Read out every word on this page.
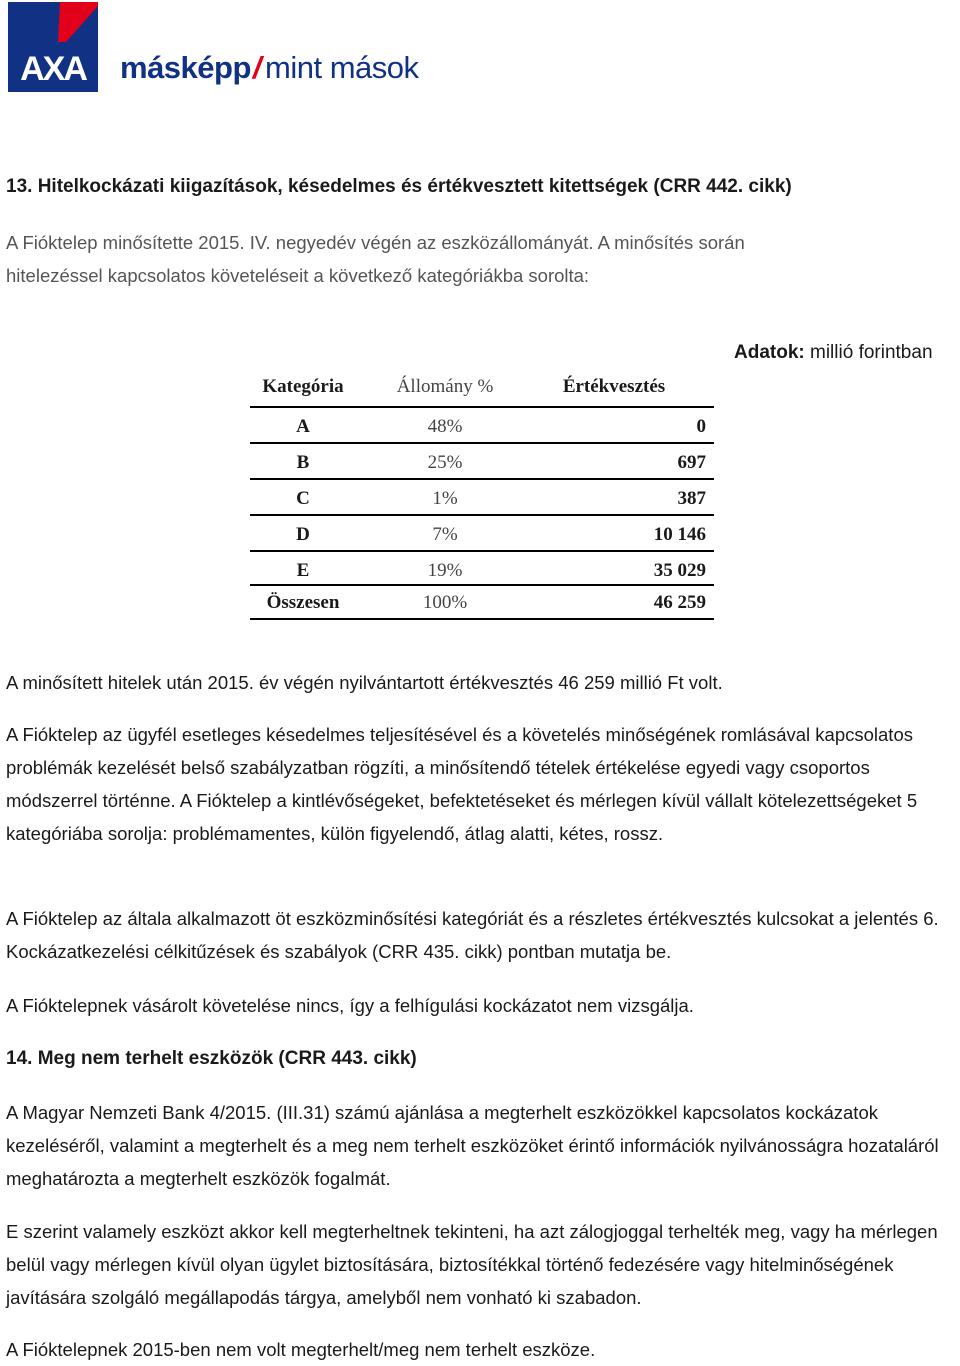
AXA másképp/ mint mások
13. Hitelkockázati kiigazítások, késedelmes és értékvesztett kitettségek (CRR 442. cikk)
A Fióktelep minősítette 2015. IV. negyedév végén az eszközállományát. A minősítés során
hitelezéssel kapcsolatos követeléseit a következő kategóriákba sorolta:
Adatok: millió forintban
Kategória	Állomány %	Értékvesztés
A	48%	0
B	25%	697
C	1%	387
D	7%	10 146
E	19%	35 029
Összesen	100%	46 259
A minősített hitelek után 2015. év végén nyilvántartott értékvesztés 46 259 millió Ft volt.
A Fióktelep az ügyfél esetleges késedelmes teljesítésével és a követelés minőségének romlásával kapcsolatos problémák kezelését belső szabályzatban rögzíti, a minősítendő tételek értékelése egyedi vagy csoportos módszerrel történne. A Fióktelep a kintlévőségeket, befektetéseket és mérlegen kívül vállalt kötelezettségeket 5 kategóriába sorolja: problémamentes, külön figyelendő, átlag alatti, kétes, rossz.
A Fióktelep az általa alkalmazott öt eszközminősítési kategóriát és a részletes értékvesztés kulcsokat a jelentés 6. Kockázatkezelési célkitűzések és szabályok (CRR 435. cikk) pontban mutatja be.
A Fióktelepnek vásárolt követelése nincs, így a felhígulási kockázatot nem vizsgálja.
14. Meg nem terhelt eszközök (CRR 443. cikk)
A Magyar Nemzeti Bank 4/2015. (III.31) számú ajánlása a megterhelt eszközökkel kapcsolatos kockázatok kezeléséről, valamint a megterhelt és a meg nem terhelt eszközöket érintő információk nyilvánosságra hozataláról meghatározta a megterhelt eszközök fogalmát.
E szerint valamely eszközt akkor kell megterheltnek tekinteni, ha azt zálogjoggal terhelték meg, vagy ha mérlegen belül vagy mérlegen kívül olyan ügylet biztosítására, biztosítékkal történő fedezésére vagy hitelminőségének javítására szolgáló megállapodás tárgya, amelyből nem vonható ki szabadon.
A Fióktelepnek 2015-ben nem volt megterhelt/meg nem terhelt eszköze.
